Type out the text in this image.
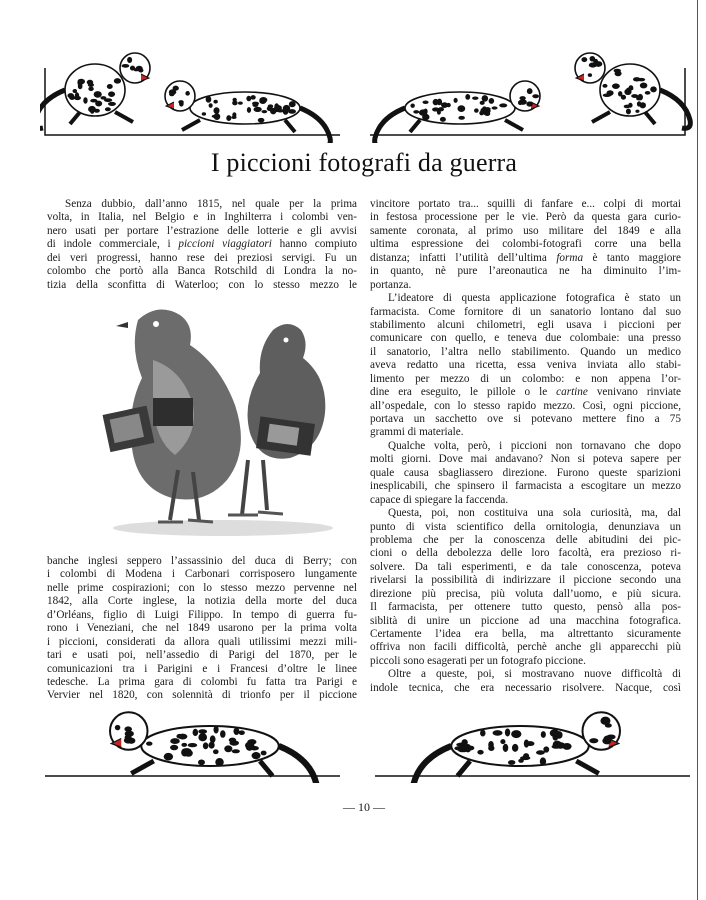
I piccioni fotografi da guerra
Senza dubbio, dall’anno 1815, nel quale per la prima
volta, in Italia, nel Belgio e in Inghilterra i colombi ven-
nero usati per portare l’estrazione delle lotterie e gli avvisi
di indole commerciale, i piccioni viaggiatori hanno compiuto
dei veri progressi, hanno rese dei preziosi servigi. Fu un
colombo che portò alla Banca Rotschild di Londra la no-
tizia della sconfitta di Waterloo; con lo stesso mezzo le
banche inglesi seppero l’assassinio del duca di Berry; con
i colombi di Modena i Carbonari corrisposero lungamente
nelle prime cospirazioni; con lo stesso mezzo pervenne nel
1842, alla Corte inglese, la notizia della morte del duca
d’Orléans, figlio di Luigi Filippo. In tempo di guerra fu-
rono i Veneziani, che nel 1849 usarono per la prima volta
i piccioni, considerati da allora quali utilissimi mezzi mili-
tari e usati poi, nell’assedio di Parigi del 1870, per le
comunicazioni tra i Parigini e i Francesi d’oltre le linee
tedesche. La prima gara di colombi fu fatta tra Parigi e
Vervier nel 1820, con solennità di trionfo per il piccione
vincitore portato tra... squilli di fanfare e... colpi di mortai
in festosa processione per le vie. Però da questa gara curio-
samente coronata, al primo uso militare del 1849 e alla
ultima espressione dei colombi-fotografi corre una bella
distanza; infatti l’utilità dell’ultima forma è tanto maggiore
in quanto, nè pure l’areonautica ne ha diminuito l’im-
portanza.
L’ideatore di questa applicazione fotografica è stato un
farmacista. Come fornitore di un sanatorio lontano dal suo
stabilimento alcuni chilometri, egli usava i piccioni per
comunicare con quello, e teneva due colombaie: una presso
il sanatorio, l’altra nello stabilimento. Quando un medico
aveva redatto una ricetta, essa veniva inviata allo stabi-
limento per mezzo di un colombo: e non appena l’or-
dine era eseguito, le pillole o le cartine venivano rinviate
all’ospedale, con lo stesso rapido mezzo. Così, ogni piccione,
portava un sacchetto ove si potevano mettere fino a 75
grammi di materiale.
Qualche volta, però, i piccioni non tornavano che dopo
molti giorni. Dove mai andavano? Non si poteva sapere per
quale causa sbagliassero direzione. Furono queste sparizioni
inesplicabili, che spinsero il farmacista a escogitare un mezzo
capace di spiegare la faccenda.
Questa, poi, non costituiva una sola curiosità, ma, dal
punto di vista scientifico della ornitologia, denunziava un
problema che per la conoscenza delle abitudini dei pic-
cioni o della debolezza delle loro facoltà, era prezioso ri-
solvere. Da tali esperimenti, e da tale conoscenza, poteva
rivelarsi la possibilità di indirizzare il piccione secondo una
direzione più precisa, più voluta dall’uomo, e più sicura.
Il farmacista, per ottenere tutto questo, pensò alla pos-
siblità di unire un piccione ad una macchina fotografica.
Certamente l’idea era bella, ma altrettanto sicuramente
offriva non facili difficoltà, perchè anche gli apparecchi più
piccoli sono esagerati per un fotografo piccione.
Oltre a queste, poi, si mostravano nuove difficoltà di
indole tecnica, che era necessario risolvere. Nacque, così
— 10 —
